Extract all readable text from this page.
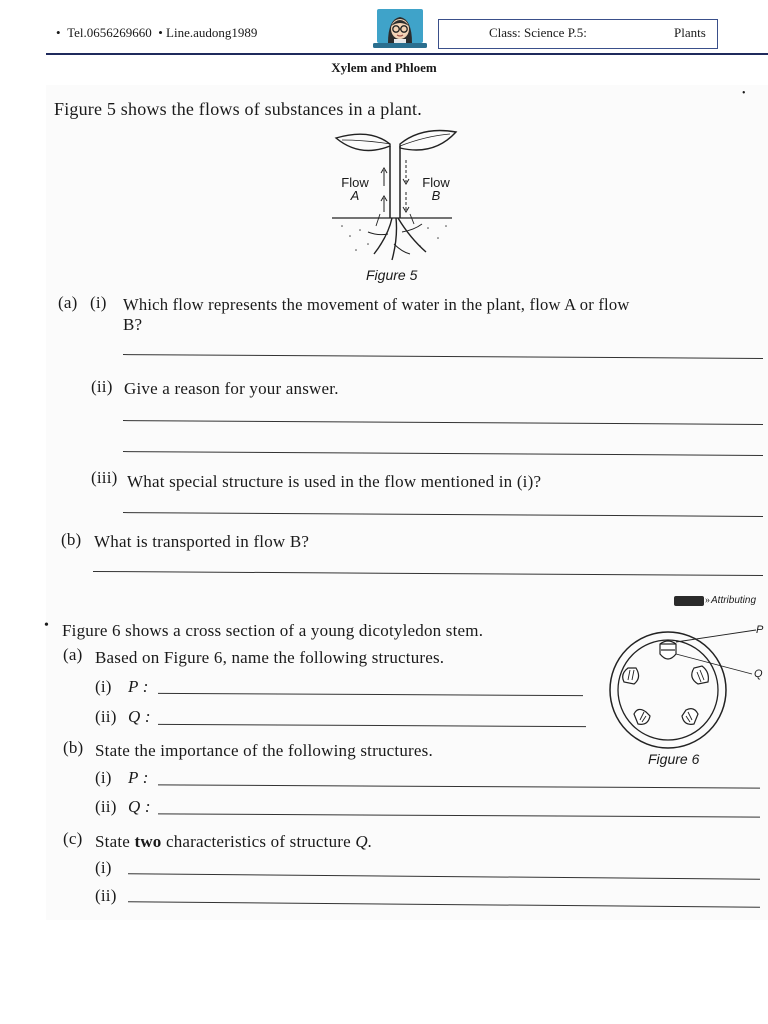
•  Tel.0656269660  • Line.audong1989	Class: Science P.5:	Plants
Xylem and Phloem
•
Figure 5 shows the flows of substances in a plant.
Flow
A
Flow
B
Figure 5
(a) (i) Which flow represents the movement of water in the plant, flow A or flow
B?
(ii) Give a reason for your answer.
(iii) What special structure is used in the flow mentioned in (i)?
(b) What is transported in flow B?
» Attributing
• Figure 6 shows a cross section of a young dicotyledon stem.
(a) Based on Figure 6, name the following structures.
(i) P :
(ii) Q :
P
Q
Figure 6
(b) State the importance of the following structures.
(i) P :
(ii) Q :
(c) State two characteristics of structure Q.
(i)
(ii)
